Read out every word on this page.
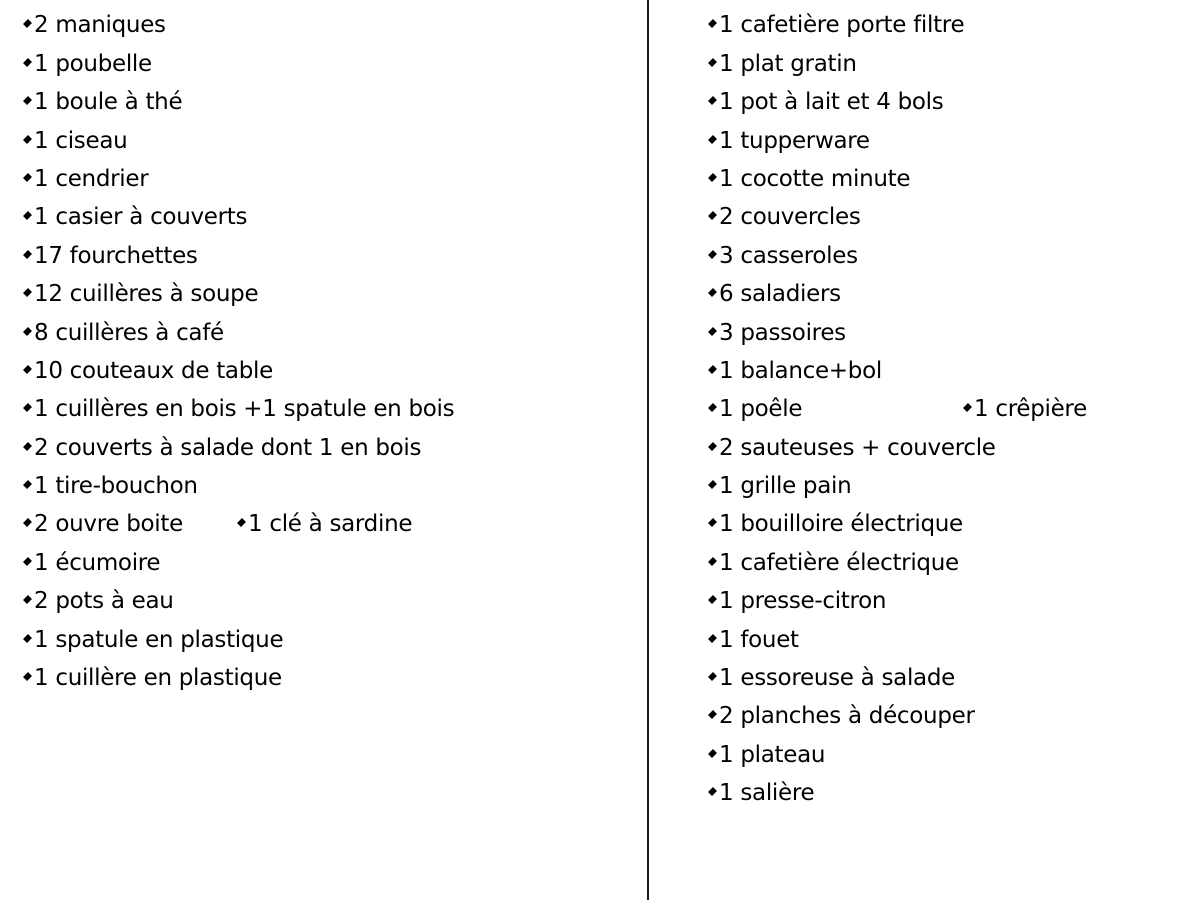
2 maniques
1 poubelle
1 boule à thé
1 ciseau
1 cendrier
1 casier à couverts
17 fourchettes
12 cuillères à soupe
8 cuillères à café
10 couteaux de table
1 cuillères en bois +1 spatule en bois
2 couverts à salade dont 1 en bois
1 tire-bouchon
2 ouvre boite	1 clé à sardine
1 écumoire
2 pots à eau
1 spatule en plastique
1 cuillère en plastique
1 cafetière porte filtre
1 plat gratin
1 pot à lait et 4 bols
1 tupperware
1 cocotte minute
2 couvercles
3 casseroles
6 saladiers
3 passoires
1 balance+bol
1 poêle	1 crêpière
2 sauteuses + couvercle
1 grille pain
1 bouilloire électrique
1 cafetière électrique
1 presse-citron
1 fouet
1 essoreuse à salade
2 planches à découper
1 plateau
1 salière
